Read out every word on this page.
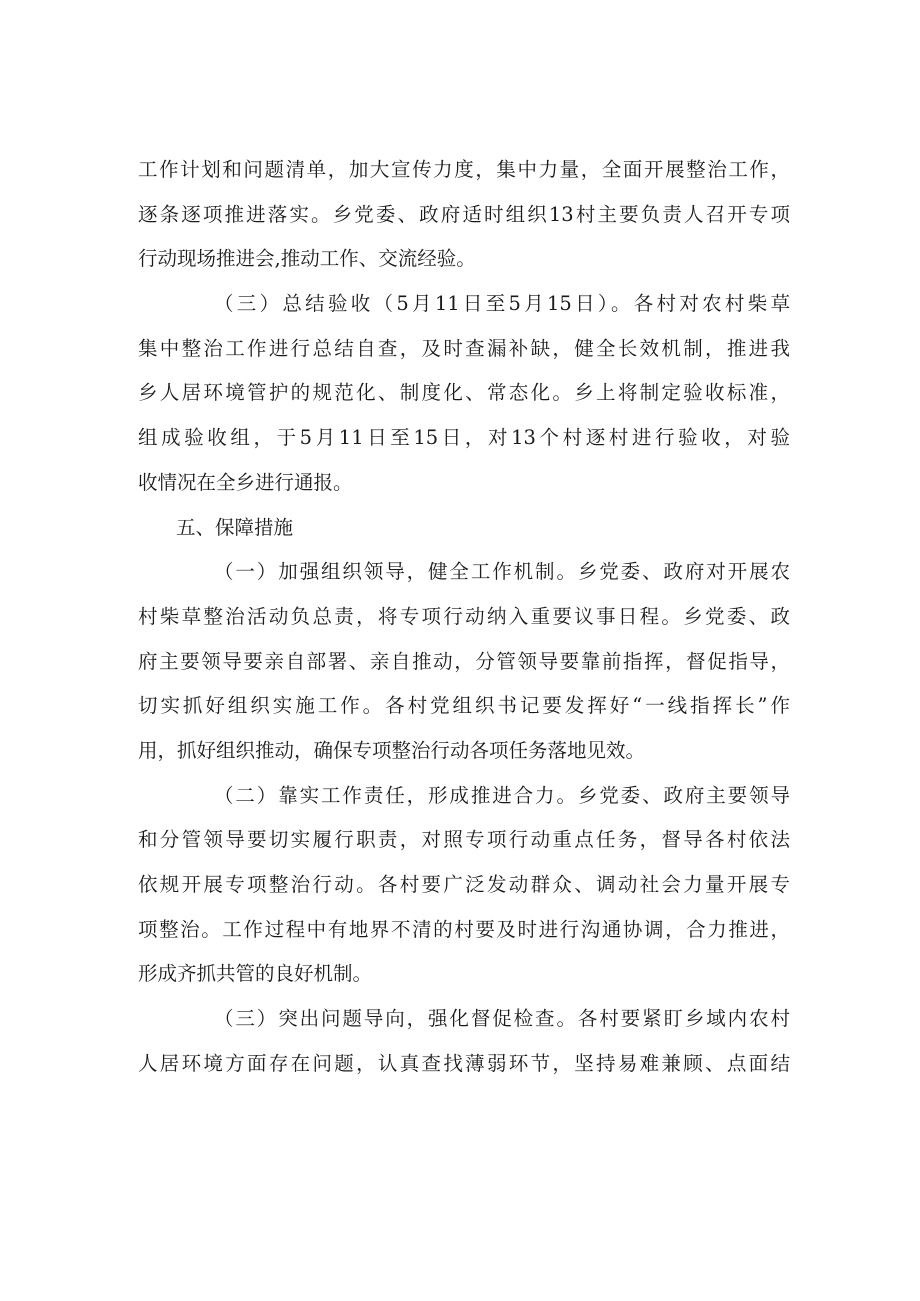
工作计划和问题清单，加大宣传力度，集中力量，全面开展整治工作，
逐条逐项推进落实。乡党委、政府适时组织13村主要负责人召开专项
行动现场推进会,推动工作、交流经验。
（三）总结验收（5月11日至5月15日）。各村对农村柴草
集中整治工作进行总结自查，及时查漏补缺，健全长效机制，推进我
乡人居环境管护的规范化、制度化、常态化。乡上将制定验收标准，
组成验收组，于5月11日至15日，对13个村逐村进行验收，对验
收情况在全乡进行通报。
五、保障措施
（一）加强组织领导，健全工作机制。乡党委、政府对开展农
村柴草整治活动负总责，将专项行动纳入重要议事日程。乡党委、政
府主要领导要亲自部署、亲自推动，分管领导要靠前指挥，督促指导，
切实抓好组织实施工作。各村党组织书记要发挥好“一线指挥长”作
用，抓好组织推动，确保专项整治行动各项任务落地见效。
（二）靠实工作责任，形成推进合力。乡党委、政府主要领导
和分管领导要切实履行职责，对照专项行动重点任务，督导各村依法
依规开展专项整治行动。各村要广泛发动群众、调动社会力量开展专
项整治。工作过程中有地界不清的村要及时进行沟通协调，合力推进，
形成齐抓共管的良好机制。
（三）突出问题导向，强化督促检查。各村要紧盯乡域内农村
人居环境方面存在问题，认真查找薄弱环节，坚持易难兼顾、点面结
